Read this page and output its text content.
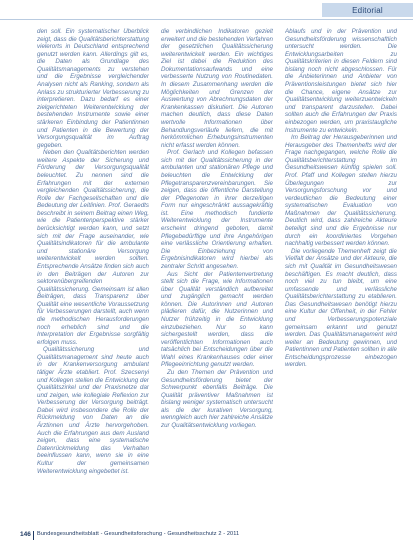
Editorial

den soll. Ein systematischer Überblick zeigt, dass die Qualitätsberichterstattung vielerorts in Deutschland entsprechend genutzt werden kann. Allerdings gilt es, die Daten als Grundlage des Qualitätsmanagements zu verstehen und die Ergebnisse vergleichender Analysen nicht als Ranking, sondern als Anlass zu strukturierter Verbesserung zu interpretieren. Dazu bedarf es einer zielgerichteten Weiterentwicklung der bestehenden Instrumente sowie einer stärkeren Einbindung der Patientinnen und Patienten in die Bewertung der Versorgungsqualität im Auftrag gegeben.

Neben den Qualitätsberichten werden weitere Aspekte der Sicherung und Förderung der Versorgungsqualität beleuchtet. Zu nennen sind die Erfahrungen mit der externen vergleichenden Qualitätssicherung, die Rolle der Fachgesellschaften und die Bedeutung der Leitlinien. Prof. Geraedts beschreibt in seinem Beitrag einen Weg, wie die Patientenperspektive stärker berücksichtigt werden kann, und setzt sich mit der Frage auseinander, wie Qualitätsindikatoren für die ambulante und stationäre Versorgung weiterentwickelt werden sollten. Entsprechende Ansätze finden sich auch in den Beiträgen der Autoren zur sektorenübergreifenden Qualitätssicherung. Gemeinsam ist allen Beiträgen, dass Transparenz über Qualität eine wesentliche Voraussetzung für Verbesserungen darstellt, auch wenn die methodischen Herausforderungen noch erheblich sind und die Interpretation der Ergebnisse sorgfältig erfolgen muss.

Qualitätssicherung und Qualitätsmanagement sind heute auch in der Krankenversorgung ambulant tätiger Ärzte etabliert. Prof. Szecsenyi und Kollegen stellen die Entwicklung der Qualitätszirkel und der Praxisnetze dar und zeigen, wie kollegiale Reflexion zur Verbesserung der Versorgung beiträgt. Dabei wird insbesondere die Rolle der Rückmeldung von Daten an die Ärztinnen und Ärzte hervorgehoben. Auch die Erfahrungen aus dem Ausland zeigen, dass eine systematische Datenrückmeldung das Verhalten beeinflussen kann, wenn sie in eine Kultur der gemeinsamen Weiterentwicklung eingebettet ist.

die verbindlichen Indikatoren gezielt erweitert und die bestehenden Verfahren der gesetzlichen Qualitätssicherung weiterentwickelt werden. Ein wichtiges Ziel ist dabei die Reduktion des Dokumentationsaufwands und eine verbesserte Nutzung von Routinedaten. In diesem Zusammenhang werden die Möglichkeiten und Grenzen der Auswertung von Abrechnungsdaten der Krankenkassen diskutiert. Die Autoren machen deutlich, dass diese Daten wertvolle Informationen über Behandlungsverläufe liefern, die mit herkömmlichen Erhebungsinstrumenten nicht erfasst werden können.

Prof. Gerlach und Kollegen befassen sich mit der Qualitätssicherung in der ambulanten und stationären Pflege und beleuchten die Entwicklung der Pflegetransparenzvereinbarungen. Sie zeigen, dass die öffentliche Darstellung der Pflegenoten in ihrer derzeitigen Form nur eingeschränkt aussagekräftig ist. Eine methodisch fundierte Weiterentwicklung der Instrumente erscheint dringend geboten, damit Pflegebedürftige und ihre Angehörigen eine verlässliche Orientierung erhalten. Die Einbeziehung von Ergebnisindikatoren wird hierbei als zentraler Schritt angesehen.

Aus Sicht der Patientenvertretung stellt sich die Frage, wie Informationen über Qualität verständlich aufbereitet und zugänglich gemacht werden können. Die Autorinnen und Autoren plädieren dafür, die Nutzerinnen und Nutzer frühzeitig in die Entwicklung einzubeziehen. Nur so kann sichergestellt werden, dass die veröffentlichten Informationen auch tatsächlich bei Entscheidungen über die Wahl eines Krankenhauses oder einer Pflegeeinrichtung genutzt werden.

Zu den Themen der Prävention und Gesundheitsförderung bietet der Schwerpunkt ebenfalls Beiträge. Die Qualität präventiver Maßnahmen ist bislang weniger systematisch untersucht als die der kurativen Versorgung, wenngleich auch hier zahlreiche Ansätze zur Qualitätsentwicklung vorliegen.

Ablaufs und in der Prävention und Gesundheitsförderung wissenschaftlich untersucht werden. Die Entwicklungsarbeiten zu Qualitätskriterien in diesen Feldern sind bislang noch nicht abgeschlossen. Für die Anbieterinnen und Anbieter von Präventionsleistungen bietet sich hier die Chance, eigene Ansätze zur Qualitätsentwicklung weiterzuentwickeln und transparent darzustellen. Dabei sollten auch die Erfahrungen der Praxis einbezogen werden, um praxistaugliche Instrumente zu entwickeln.

Im Beitrag der Herausgeberinnen und Herausgeber des Themenhefts wird der Frage nachgegangen, welche Rolle die Qualitätsberichterstattung im Gesundheitswesen künftig spielen soll. Prof. Pfaff und Kollegen stellen hierzu Überlegungen zur Versorgungsforschung vor und verdeutlichen die Bedeutung einer systematischen Evaluation von Maßnahmen der Qualitätssicherung. Deutlich wird, dass zahlreiche Akteure beteiligt sind und die Ergebnisse nur durch ein koordiniertes Vorgehen nachhaltig verbessert werden können.

Die vorliegende Themenheft zeigt die Vielfalt der Ansätze und der Akteure, die sich mit Qualität im Gesundheitswesen beschäftigen. Es macht deutlich, dass noch viel zu tun bleibt, um eine umfassende und verlässliche Qualitätsberichterstattung zu etablieren. Das Gesundheitswesen benötigt hierzu eine Kultur der Offenheit, in der Fehler und Verbesserungspotenziale gemeinsam erkannt und genutzt werden. Das Qualitätsmanagement wird weiter an Bedeutung gewinnen, und Patientinnen und Patienten sollten in alle Entscheidungsprozesse einbezogen werden.

146 Bundesgesundheitsblatt - Gesundheitsforschung - Gesundheitsschutz 2 - 2011
